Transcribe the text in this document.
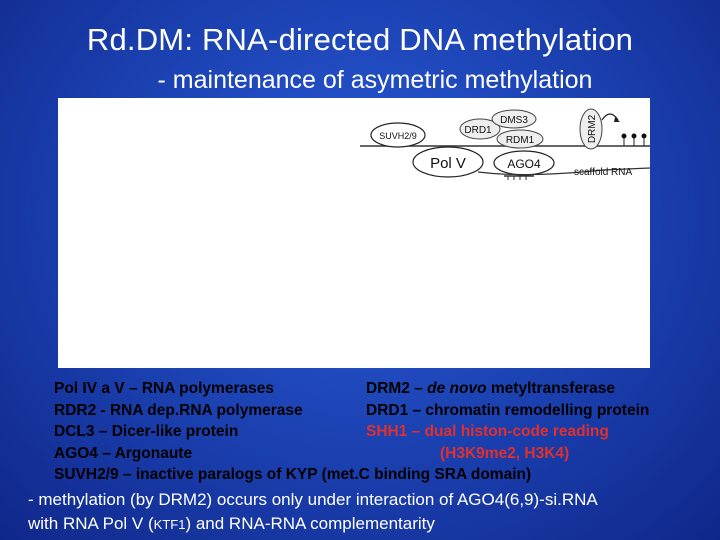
Rd.DM: RNA-directed DNA methylation
- maintenance of asymetric methylation
SUVH2/9	DRD1
DMS3
RDM1	DRM2
Pol V	AGO4
scaffold RNA
Pol IV a V – RNA polymerases	DRM2 – de novo metyltransferase
RDR2 - RNA dep.RNA polymerase	DRD1 – chromatin remodelling protein
DCL3 – Dicer-like protein	SHH1 – dual histon-code reading
AGO4 – Argonaute	(H3K9me2, H3K4)
SUVH2/9 – inactive paralogs of KYP (met.C binding SRA domain)
- methylation (by DRM2) occurs only under interaction of AGO4(6,9)-si.RNA
with RNA Pol V (KTF1) and RNA-RNA complementarity
